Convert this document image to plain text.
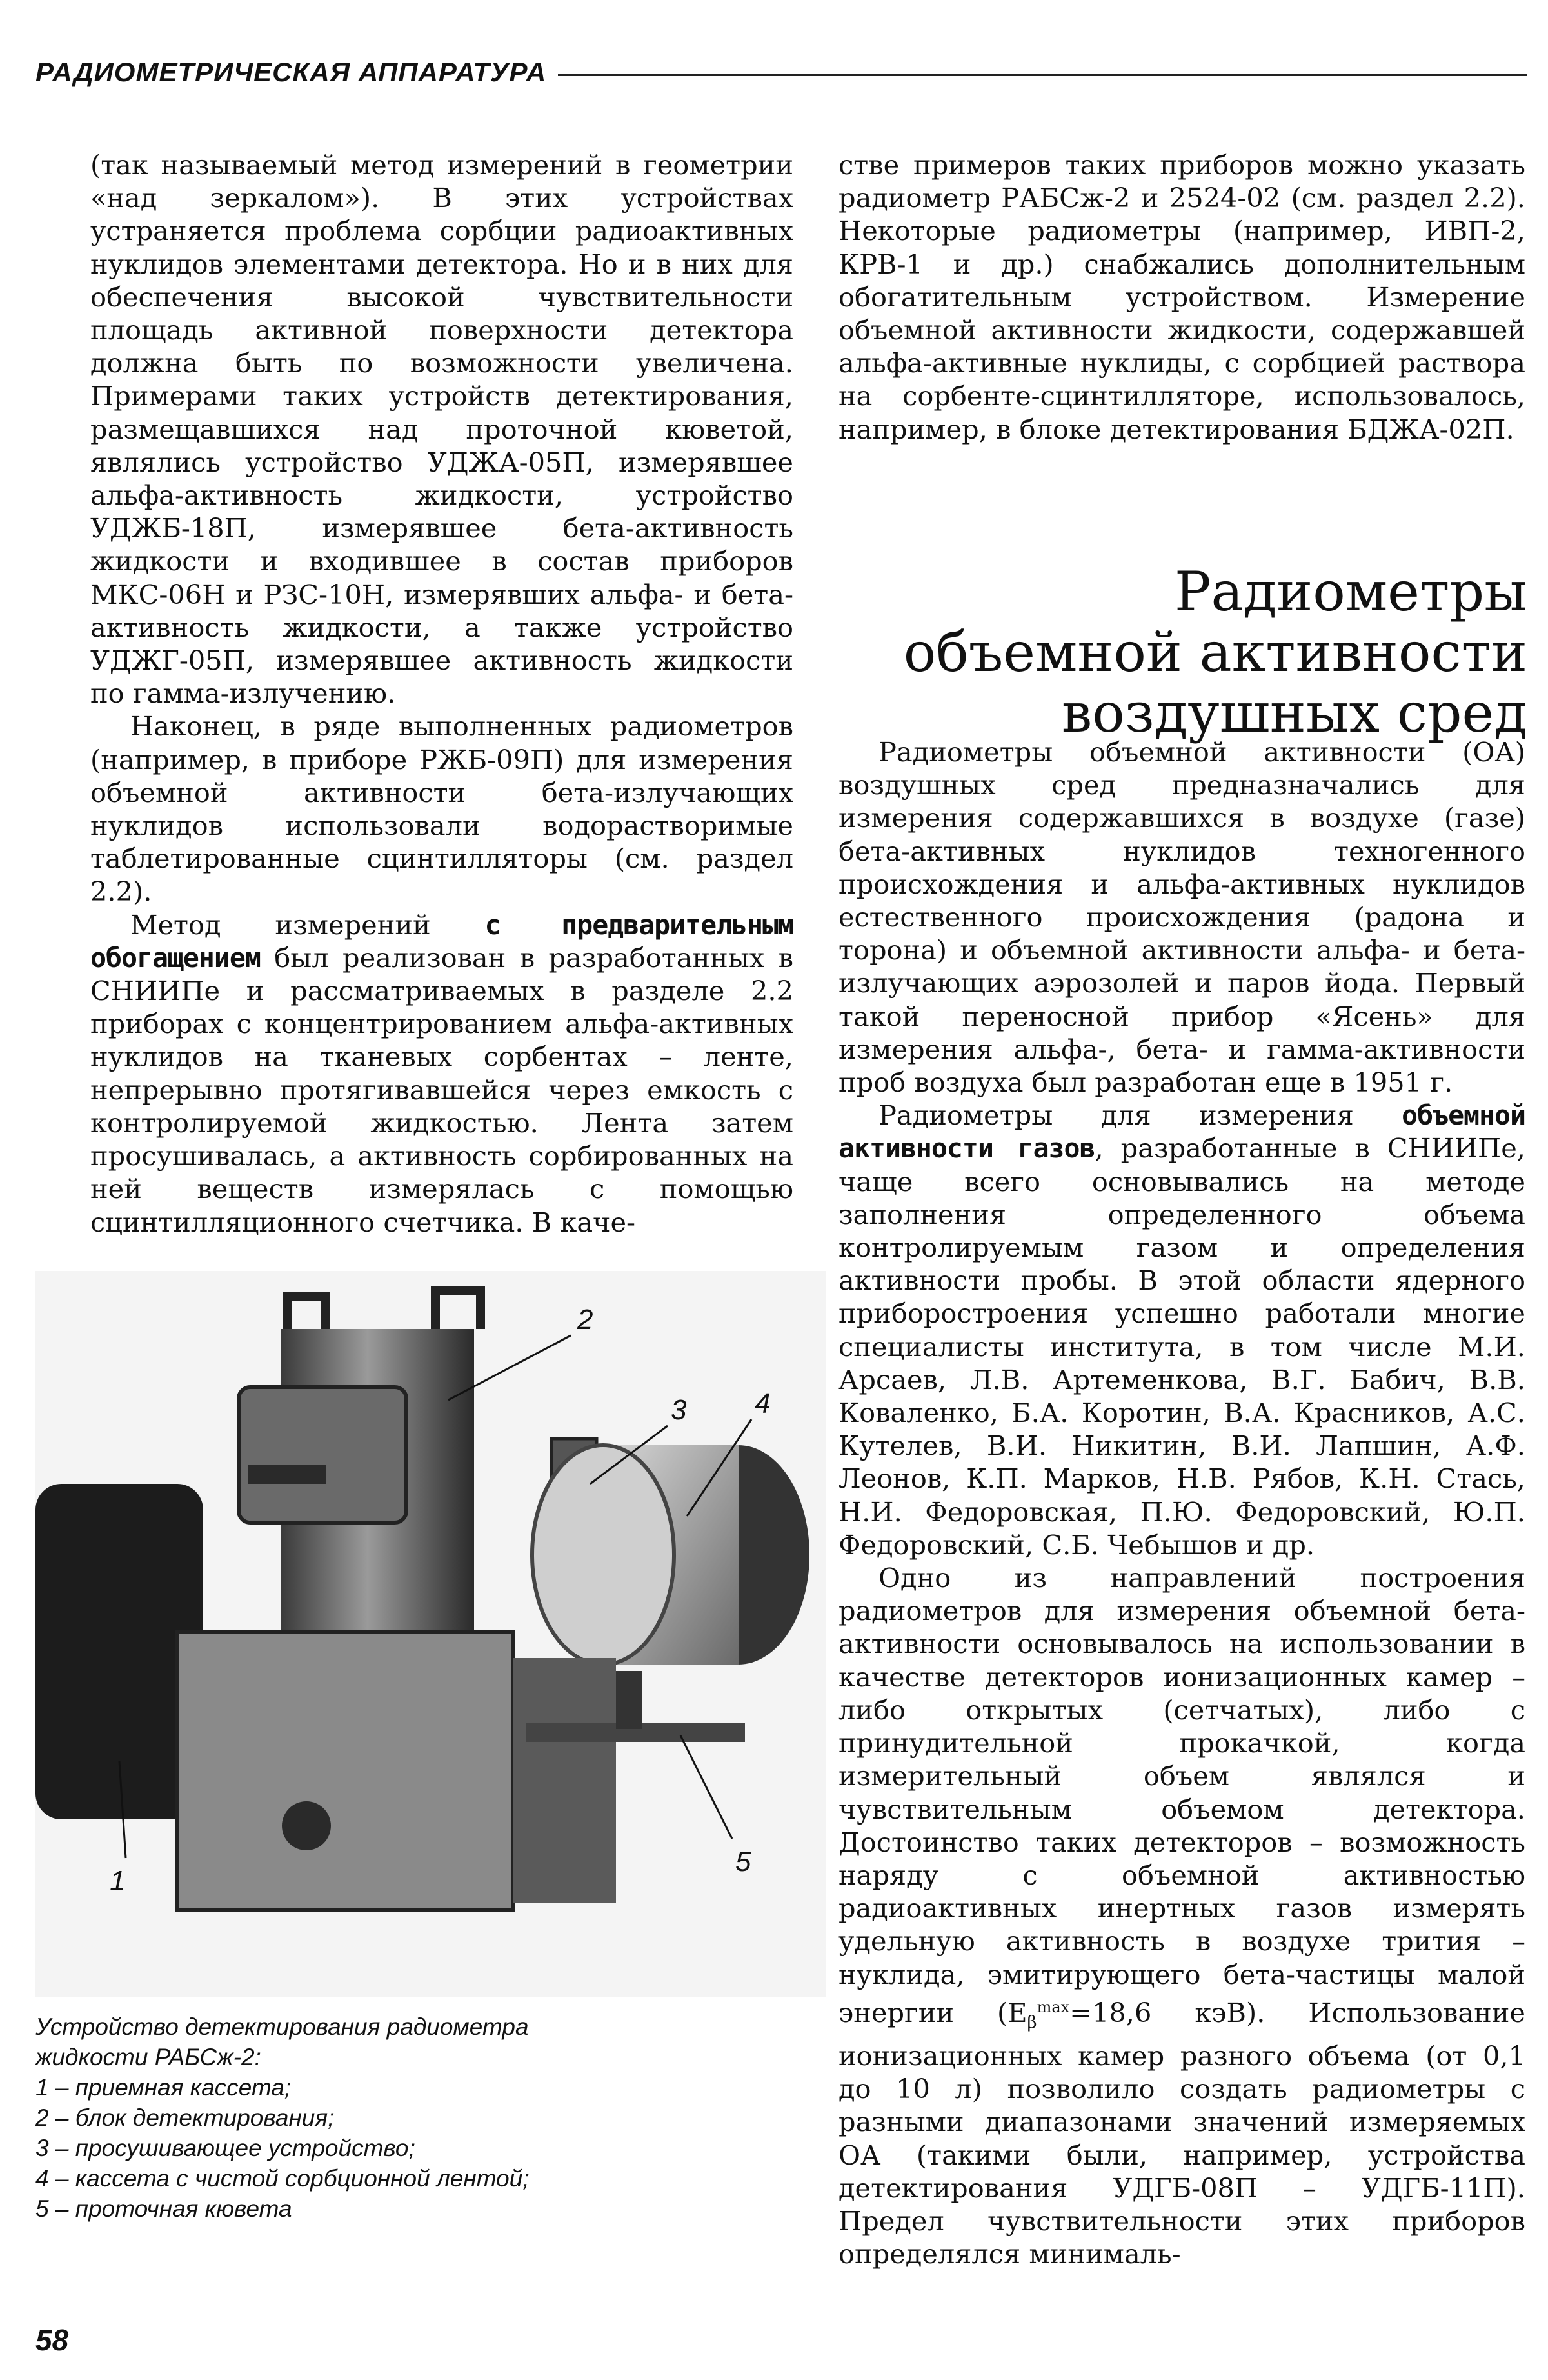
РАДИОМЕТРИЧЕСКАЯ АППАРАТУРА

(так называемый метод измерений в геометрии «над зеркалом»). В этих устройствах устраняется проблема сорбции радиоактивных нуклидов элементами детектора. Но и в них для обеспечения высокой чувствительности площадь активной поверхности детектора должна быть по возможности увеличена. Примерами таких устройств детектирования, размещавшихся над проточной кюветой, являлись устройство УДЖА-05П, измерявшее альфа-активность жидкости, устройство УДЖБ-18П, измерявшее бета-активность жидкости и входившее в состав приборов МКС-06Н и РЗС-10Н, измерявших альфа- и бета-активность жидкости, а также устройство УДЖГ-05П, измерявшее активность жидкости по гамма-излучению.

Наконец, в ряде выполненных радиометров (например, в приборе РЖБ-09П) для измерения объемной активности бета-излучающих нуклидов использовали водорастворимые таблетированные сцинтилляторы (см. раздел 2.2).

Метод измерений с предварительным обогащением был реализован в разработанных в СНИИПе и рассматриваемых в разделе 2.2 приборах с концентрированием альфа-активных нуклидов на тканевых сорбентах – ленте, непрерывно протягивавшейся через емкость с контролируемой жидкостью. Лента затем просушивалась, а активность сорбированных на ней веществ измерялась с помощью сцинтилляционного счетчика. В каче-

стве примеров таких приборов можно указать радиометр РАБСж-2 и 2524-02 (см. раздел 2.2). Некоторые радиометры (например, ИВП-2, КРВ-1 и др.) снабжались дополнительным обогатительным устройством. Измерение объемной активности жидкости, содержавшей альфа-активные нуклиды, с сорбцией раствора на сорбенте-сцинтилляторе, использовалось, например, в блоке детектирования БДЖА-02П.

Радиометры
объемной активности
воздушных сред

Радиометры объемной активности (ОА) воздушных сред предназначались для измерения содержавшихся в воздухе (газе) бета-активных нуклидов техногенного происхождения и альфа-активных нуклидов естественного происхождения (радона и торона) и объемной активности альфа- и бета-излучающих аэрозолей и паров йода. Первый такой переносной прибор «Ясень» для измерения альфа-, бета- и гамма-активности проб воздуха был разработан еще в 1951 г.

Радиометры для измерения объемной активности газов, разработанные в СНИИПе, чаще всего основывались на методе заполнения определенного объема контролируемым газом и определения активности пробы. В этой области ядерного приборостроения успешно работали многие специалисты института, в том числе М.И. Арсаев, Л.В. Артеменкова, В.Г. Бабич, В.В. Коваленко, Б.А. Коротин, В.А. Красников, А.С. Кутелев, В.И. Никитин, В.И. Лапшин, А.Ф. Леонов, К.П. Марков, Н.В. Рябов, К.Н. Стась, Н.И. Федоровская, П.Ю. Федоровский, Ю.П. Федоровский, С.Б. Чебышов и др.

Одно из направлений построения радиометров для измерения объемной бета-активности основывалось на использовании в качестве детекторов ионизационных камер – либо открытых (сетчатых), либо с принудительной прокачкой, когда измерительный объем являлся и чувствительным объемом детектора. Достоинство таких детекторов – возможность наряду с объемной активностью радиоактивных инертных газов измерять удельную активность в воздухе трития – нуклида, эмитирующего бета-частицы малой энергии ($E_\beta^{max}=18,6$ кэВ). Использование ионизационных камер разного объема (от 0,1 до 10 л) позволило создать радиометры с разными диапазонами значений измеряемых ОА (такими были, например, устройства детектирования УДГБ-08П – УДГБ-11П). Предел чувствительности этих приборов определялся минималь-

1
2
3 4
5
Устройство детектирования радиометра
жидкости РАБСж-2:
1 – приемная кассета;
2 – блок детектирования;
3 – просушивающее устройство;
4 – кассета с чистой сорбционной лентой;
5 – проточная кювета
58
